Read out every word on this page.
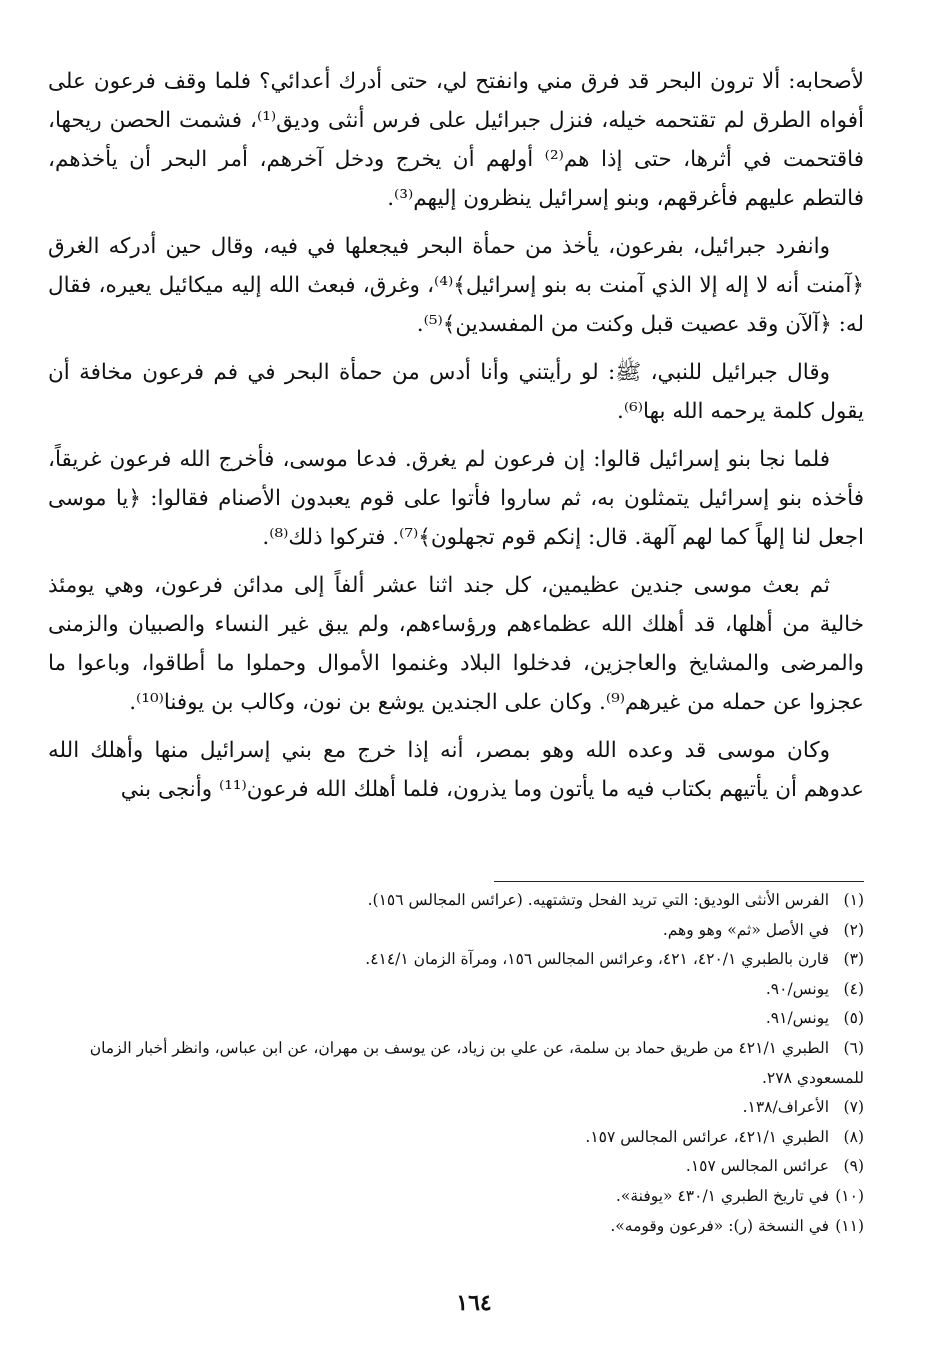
لأصحابه: ألا ترون البحر قد فرق مني وانفتح لي، حتى أدرك أعدائي؟ فلما وقف فرعون على أفواه الطرق لم تقتحمه خيله، فنزل جبرائيل على فرس أنثى وديق⁽¹⁾، فشمت الحصن ريحها، فاقتحمت في أثرها، حتى إذا هم⁽²⁾ أولهم أن يخرج ودخل آخرهم، أمر البحر أن يأخذهم، فالتطم عليهم فأغرقهم، وبنو إسرائيل ينظرون إليهم⁽³⁾.

وانفرد جبرائيل، بفرعون، يأخذ من حمأة البحر فيجعلها في فيه، وقال حين أدركه الغرق ﴿آمنت أنه لا إله إلا الذي آمنت به بنو إسرائيل﴾⁽⁴⁾، وغرق، فبعث الله إليه ميكائيل يعيره، فقال له: ﴿آلآن وقد عصيت قبل وكنت من المفسدين﴾⁽⁵⁾.

وقال جبرائيل للنبي، ﷺ: لو رأيتني وأنا أدس من حمأة البحر في فم فرعون مخافة أن يقول كلمة يرحمه الله بها⁽⁶⁾.

فلما نجا بنو إسرائيل قالوا: إن فرعون لم يغرق. فدعا موسى، فأخرج الله فرعون غريقاً، فأخذه بنو إسرائيل يتمثلون به، ثم ساروا فأتوا على قوم يعبدون الأصنام فقالوا: ﴿يا موسى اجعل لنا إلهاً كما لهم آلهة. قال: إنكم قوم تجهلون﴾⁽⁷⁾. فتركوا ذلك⁽⁸⁾.

ثم بعث موسى جندين عظيمين، كل جند اثنا عشر ألفاً إلى مدائن فرعون، وهي يومئذ خالية من أهلها، قد أهلك الله عظماءهم ورؤساءهم، ولم يبق غير النساء والصبيان والزمنى والمرضى والمشايخ والعاجزين، فدخلوا البلاد وغنموا الأموال وحملوا ما أطاقوا، وباعوا ما عجزوا عن حمله من غيرهم⁽⁹⁾. وكان على الجندين يوشع بن نون، وكالب بن يوفنا⁽¹⁰⁾.

وكان موسى قد وعده الله وهو بمصر، أنه إذا خرج مع بني إسرائيل منها وأهلك الله عدوهم أن يأتيهم بكتاب فيه ما يأتون وما يذرون، فلما أهلك الله فرعون⁽¹¹⁾ وأنجى بني

(١) الفرس الأنثى الوديق: التي تريد الفحل وتشتهيه. (عرائس المجالس ١٥٦).

(٢) في الأصل «ثم» وهو وهم.

(٣) قارن بالطبري ٤٢٠/١، ٤٢١، وعرائس المجالس ١٥٦، ومرآة الزمان ٤١٤/١.

(٤) يونس/٩٠.

(٥) يونس/٩١.

(٦) الطبري ٤٢١/١ من طريق حماد بن سلمة، عن علي بن زياد، عن يوسف بن مهران، عن ابن عباس، وانظر أخبار الزمان للمسعودي ٢٧٨.

(٧) الأعراف/١٣٨.

(٨) الطبري ٤٢١/١، عرائس المجالس ١٥٧.

(٩) عرائس المجالس ١٥٧.

(١٠) في تاريخ الطبري ٤٣٠/١ «يوفنة».

(١١) في النسخة (ر): «فرعون وقومه».

١٦٤
